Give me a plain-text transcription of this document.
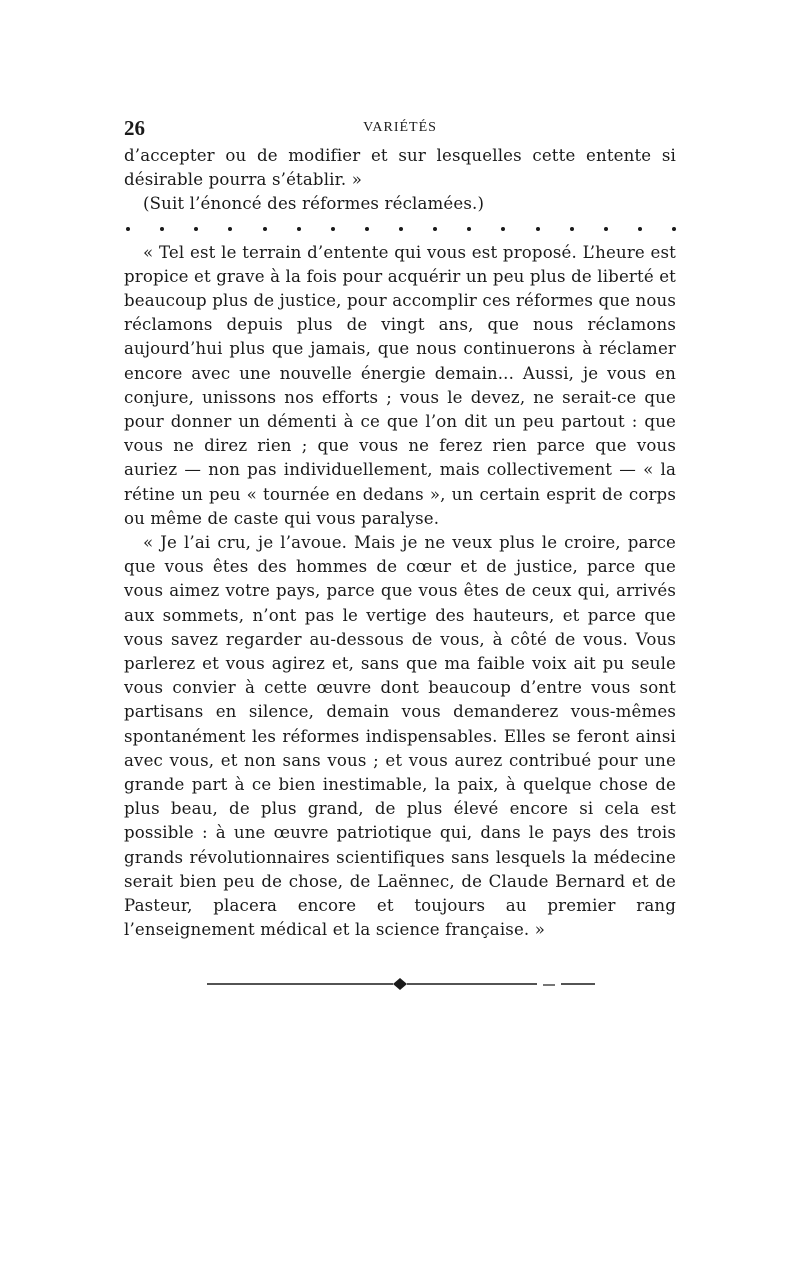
26	VARIÉTÉS

d’accepter ou de modifier et sur lesquelles cette entente si désirable pourra s’établir. »

(Suit l’énoncé des réformes réclamées.)

« Tel est le terrain d’entente qui vous est proposé. L’heure est propice et grave à la fois pour acquérir un peu plus de liberté et beaucoup plus de justice, pour accomplir ces réformes que nous réclamons depuis plus de vingt ans, que nous réclamons aujourd’hui plus que jamais, que nous continuerons à réclamer encore avec une nouvelle énergie demain... Aussi, je vous en conjure, unissons nos efforts ; vous le devez, ne serait-ce que pour donner un démenti à ce que l’on dit un peu partout : que vous ne direz rien ; que vous ne ferez rien parce que vous auriez — non pas individuellement, mais collectivement — « la rétine un peu « tournée en dedans », un certain esprit de corps ou même de caste qui vous paralyse.

« Je l’ai cru, je l’avoue. Mais je ne veux plus le croire, parce que vous êtes des hommes de cœur et de justice, parce que vous aimez votre pays, parce que vous êtes de ceux qui, arrivés aux sommets, n’ont pas le vertige des hauteurs, et parce que vous savez regarder au-dessous de vous, à côté de vous. Vous parlerez et vous agirez et, sans que ma faible voix ait pu seule vous convier à cette œuvre dont beaucoup d’entre vous sont partisans en silence, demain vous demanderez vous-mêmes spontanément les réformes indispensables. Elles se feront ainsi avec vous, et non sans vous ; et vous aurez contribué pour une grande part à ce bien inestimable, la paix, à quelque chose de plus beau, de plus grand, de plus élevé encore si cela est possible : à une œuvre patriotique qui, dans le pays des trois grands révolutionnaires scientifiques sans lesquels la médecine serait bien peu de chose, de Laënnec, de Claude Bernard et de Pasteur, placera encore et toujours au premier rang l’enseignement médical et la science française. »
